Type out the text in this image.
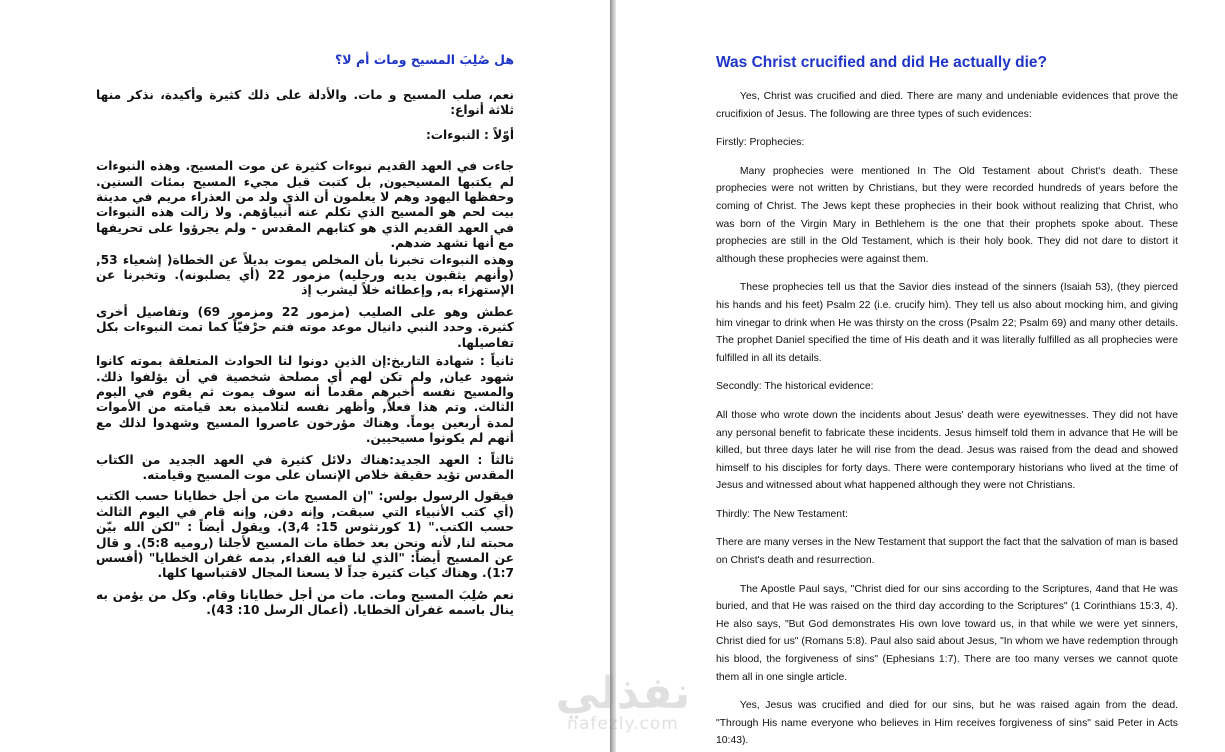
هل صُلِبَ المسيح ومات أم لا؟

نعم، صلب المسيح و مات. والأدلة على ذلك كثيرة وأكيدة، نذكر منها ثلاثة أنواع:

أوّلاً : النبوءات:

جاءت في العهد القديم نبوءات كثيرة عن موت المسيح. وهذه النبوءات لم يكتبها المسيحيون, بل كتبت قبل مجيء المسيح بمئات السنين. وحفظها اليهود وهم لا يعلمون أن الذي ولد من العذراء مريم في مدينة بيت لحم هو المسيح الذي تكلم عنه أنبياؤهم. ولا زالت هذه النبوءات في العهد القديم الذي هو كتابهم المقدس - ولم يجرؤوا على تحريفها مع أنها تشهد ضدهم.

وهذه النبوءات تخبرنا بأن المخلص يموت بديلاً عن الخطاة( إشعياء 53, (وأنهم يثقبون يديه ورجليه) مزمور 22 (أي يصلبونه). وتخبرنا عن الإستهزاء به, وإعطائه خلاً ليشرب إذ

عطش وهو على الصليب (مزمور 22 ومزمور 69) وتفاصيل أخرى كثيرة. وحدد النبي دانيال موعد موته فتم حرْفيّاً كما تمت النبوءات بكل تفاصيلها.

ثانياً : شهادة التاريخ:إن الذين دونوا لنا الحوادث المتعلقة بموته كانوا شهود عيان, ولم تكن لهم أي مصلحة شخصية في أن يؤلفوا ذلك. والمسيح نفسه أخبرهم مقدما أنه سوف يموت ثم يقوم في اليوم الثالث. وتم هذا فعلاً, وأظهر نفسه لتلاميذه بعد قيامته من الأموات لمدة أربعين يوماً. وهناك مؤرخون عاصروا المسيح وشهدوا لذلك مع أنهم لم يكونوا مسيحيين.

ثالثاً : العهد الجديد:هناك دلائل كثيرة في العهد الجديد من الكتاب المقدس تؤيد حقيقة خلاص الإنسان على موت المسيح وقيامته.

فيقول الرسول بولس: "إن المسيح مات من أجل خطايانا حسب الكتب (أي كتب الأنبياء التي سبقت, وإنه دفن, وإنه قام في اليوم الثالث حسب الكتب." (1 كورنثوس 15: 3,4). ويقول أيضاً : "لكن الله بيّن محبته لنا, لأنه ونحن بعد خطاة مات المسيح لأجلنا (روميه 5:8). و قال عن المسيح أيضاً: "الذي لنا فيه الفداء, بدمه غفران الخطايا" (أفسس 1:7). وهناك كيات كثيرة جداً لا يسعنا المجال لاقتباسها كلها.

نعم صُلِبَ المسيح ومات. مات من أجل خطايانا وقام. وكل من يؤمن به ينال باسمه غفران الخطايا. (أعمال الرسل 10: 43).

Was Christ crucified and did He actually die?

Yes, Christ was crucified and died. There are many and undeniable evidences that prove the crucifixion of Jesus. The following are three types of such evidences:

Firstly: Prophecies:

Many prophecies were mentioned In The Old Testament about Christ's death. These prophecies were not written by Christians, but they were recorded hundreds of years before the coming of Christ. The Jews kept these prophecies in their book without realizing that Christ, who was born of the Virgin Mary in Bethlehem is the one that their prophets spoke about. These prophecies are still in the Old Testament, which is their holy book. They did not dare to distort it although these prophecies were against them.

These prophecies tell us that the Savior dies instead of the sinners (Isaiah 53), (they pierced his hands and his feet) Psalm 22 (i.e. crucify him). They tell us also about mocking him, and giving him vinegar to drink when He was thirsty on the cross (Psalm 22; Psalm 69) and many other details. The prophet Daniel specified the time of His death and it was literally fulfilled as all prophecies were fulfilled in all its details.

Secondly: The historical evidence:

All those who wrote down the incidents about Jesus' death were eyewitnesses. They did not have any personal benefit to fabricate these incidents. Jesus himself told them in advance that He will be killed, but three days later he will rise from the dead. Jesus was raised from the dead and showed himself to his disciples for forty days. There were contemporary historians who lived at the time of Jesus and witnessed about what happened although they were not Christians.

Thirdly: The New Testament:

There are many verses in the New Testament that support the fact that the salvation of man is based on Christ's death and resurrection.

The Apostle Paul says, "Christ died for our sins according to the Scriptures, 4and that He was buried, and that He was raised on the third day according to the Scriptures" (1 Corinthians 15:3, 4). He also says, "But God demonstrates His own love toward us, in that while we were yet sinners, Christ died for us" (Romans 5:8). Paul also said about Jesus, "In whom we have redemption through his blood, the forgiveness of sins" (Ephesians 1:7). There are too many verses we cannot quote them all in one single article.

Yes, Jesus was crucified and died for our sins, but he was raised again from the dead. "Through His name everyone who believes in Him receives forgiveness of sins" said Peter in Acts 10:43).

نفذلي
nafezly.com
